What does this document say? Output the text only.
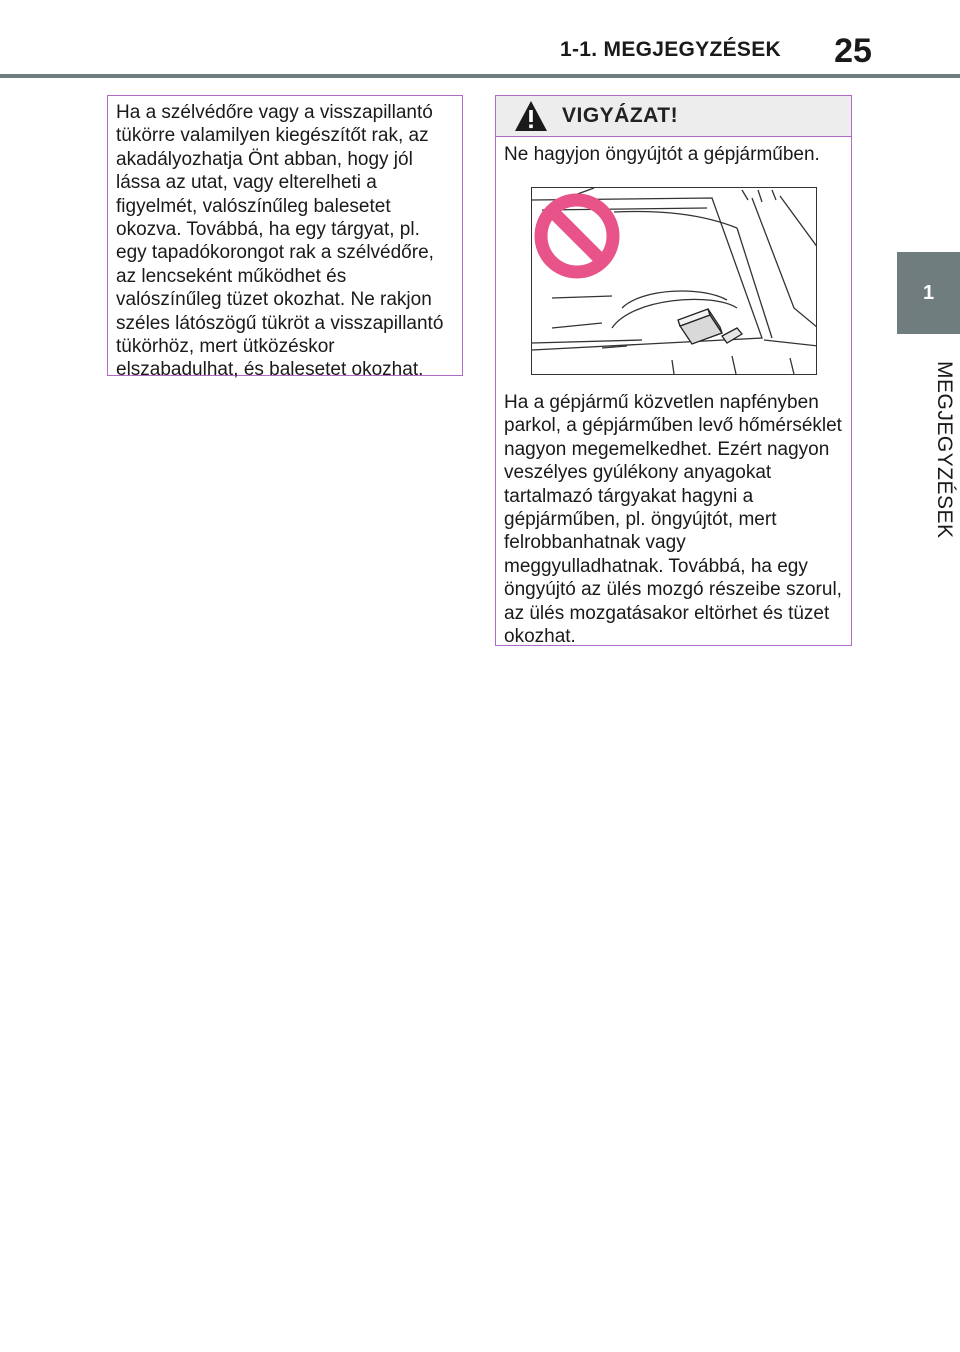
1-1. MEGJEGYZÉSEK	25
1
MEGJEGYZÉSEK

Ha a szélvédőre vagy a visszapillantó tükörre valamilyen kiegészítőt rak, az akadályozhatja Önt abban, hogy jól lássa az utat, vagy elterelheti a figyelmét, valószínűleg balesetet okozva. Továbbá, ha egy tárgyat, pl. egy tapadókorongot rak a szélvédőre, az lencseként működhet és valószínűleg tüzet okozhat. Ne rakjon széles látószögű tükröt a visszapillantó tükörhöz, mert ütközéskor elszabadulhat, és balesetet okozhat.

VIGYÁZAT!

Ne hagyjon öngyújtót a gépjárműben.

Ha a gépjármű közvetlen napfényben parkol, a gépjárműben levő hőmérséklet nagyon megemelkedhet. Ezért nagyon veszélyes gyúlékony anyagokat tartalmazó tárgyakat hagyni a gépjárműben, pl. öngyújtót, mert felrobbanhatnak vagy meggyulladhatnak. Továbbá, ha egy öngyújtó az ülés mozgó részeibe szorul, az ülés mozgatásakor eltörhet és tüzet okozhat.
